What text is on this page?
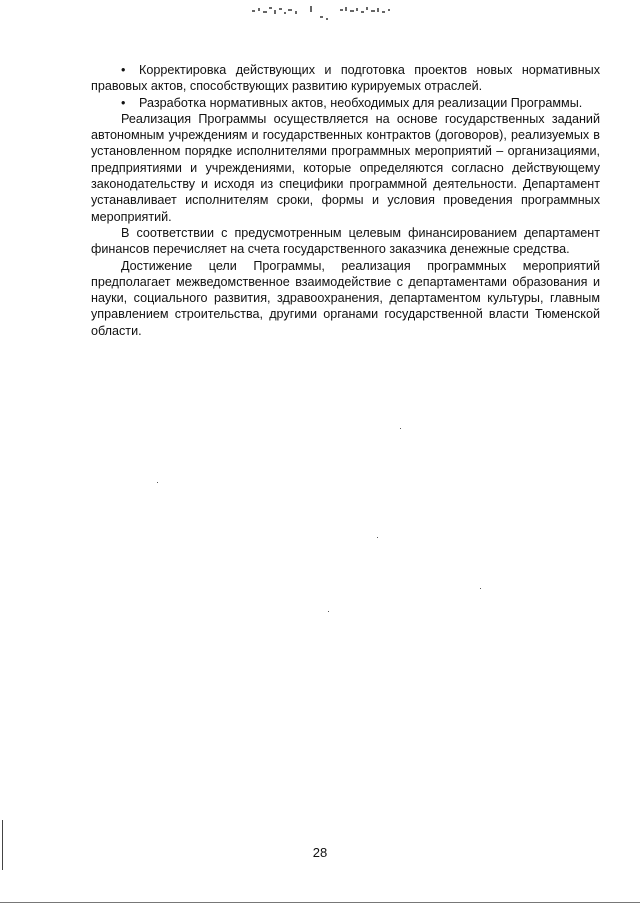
• Корректировка действующих и подготовка проектов новых нормативных правовых актов, способствующих развитию курируемых отраслей.

• Разработка нормативных актов, необходимых для реализации Программы.

Реализация Программы осуществляется на основе государственных заданий автономным учреждениям и государственных контрактов (договоров), реализуемых в установленном порядке исполнителями программных мероприятий – организациями, предприятиями и учреждениями, которые определяются согласно действующему законодательству и исходя из специфики программной деятельности. Департамент устанавливает исполнителям сроки, формы и условия проведения программных мероприятий.

В соответствии с предусмотренным целевым финансированием департамент финансов перечисляет на счета государственного заказчика денежные средства.

Достижение цели Программы, реализация программных мероприятий предполагает межведомственное взаимодействие с департаментами образования и науки, социального развития, здравоохранения, департаментом культуры, главным управлением строительства, другими органами государственной власти Тюменской области.

28
